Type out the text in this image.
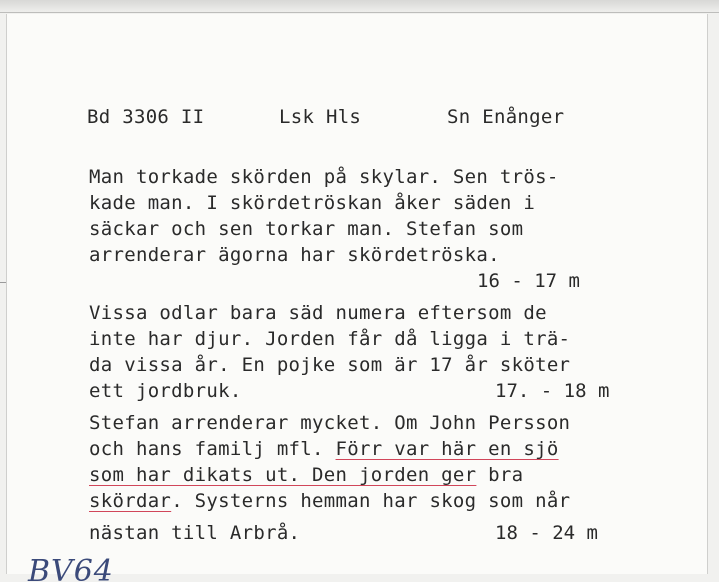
Bd 3306 II

	Lsk Hls

	Sn Enånger

Man torkade skörden på skylar. Sen trös-
kade man. I skördetröskan åker säden i
säckar och sen torkar man. Stefan som
arrenderar ägorna har skördetröska.
16 - 17 m
Vissa odlar bara säd numera eftersom de
inte har djur. Jorden får då ligga i trä-
da vissa år. En pojke som är 17 år sköter
ett jordbruk.	17. - 18 m
Stefan arrenderar mycket. Om John Persson
och hans familj mfl. Förr var här en sjö
som har dikats ut. Den jorden ger bra
skördar. Systerns hemman har skog som når
nästan till Arbrå.	18 - 24 m
BV64
